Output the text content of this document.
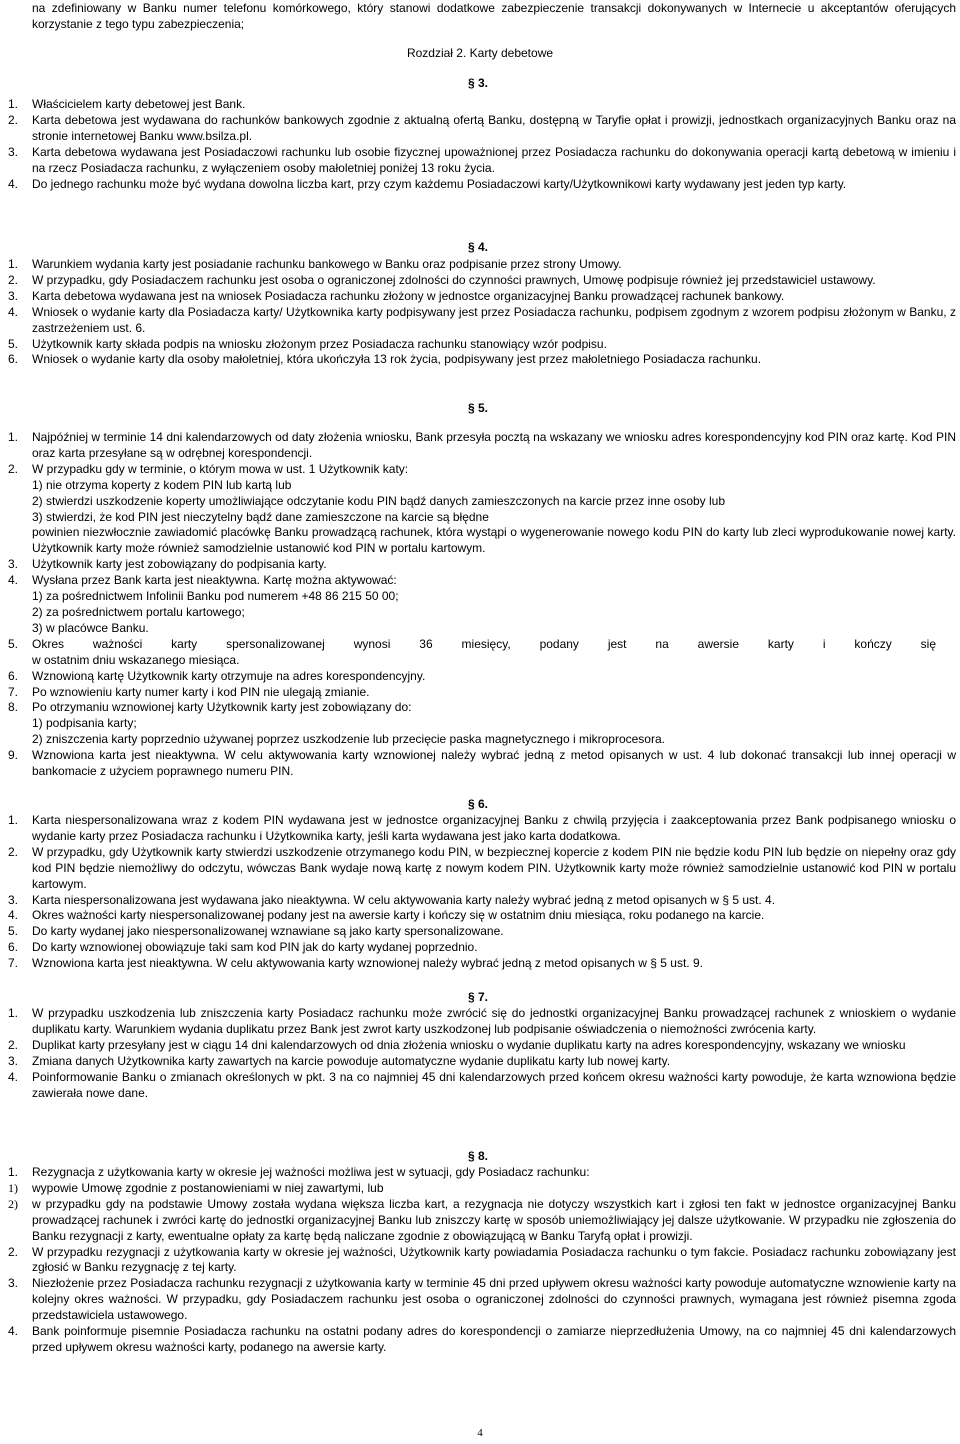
na zdefiniowany w Banku numer telefonu komórkowego, który stanowi dodatkowe zabezpieczenie transakcji dokonywanych w Internecie u akceptantów oferujących korzystanie z tego typu zabezpieczenia;

Rozdział 2. Karty debetowe
§ 3.
1.	Właścicielem karty debetowej jest Bank.
2.	Karta debetowa jest wydawana do rachunków bankowych zgodnie z aktualną ofertą Banku, dostępną w Taryfie opłat i prowizji, jednostkach organizacyjnych Banku oraz na stronie internetowej Banku www.bsilza.pl.
3.	Karta debetowa wydawana jest Posiadaczowi rachunku lub osobie fizycznej upoważnionej przez Posiadacza rachunku do dokonywania operacji kartą debetową w imieniu i na rzecz Posiadacza rachunku, z wyłączeniem osoby małoletniej poniżej 13 roku życia.
4.	Do jednego rachunku może być wydana dowolna liczba kart, przy czym każdemu Posiadaczowi karty/Użytkownikowi karty wydawany jest jeden typ karty.
§ 4.
1.	Warunkiem wydania karty jest posiadanie rachunku bankowego w Banku oraz podpisanie przez strony Umowy.
2.	W przypadku, gdy Posiadaczem rachunku jest osoba o ograniczonej zdolności do czynności prawnych, Umowę podpisuje również jej przedstawiciel ustawowy.
3.	Karta debetowa wydawana jest na wniosek Posiadacza rachunku złożony w jednostce organizacyjnej Banku prowadzącej rachunek bankowy.
4.	Wniosek o wydanie karty dla Posiadacza karty/ Użytkownika karty podpisywany jest przez Posiadacza rachunku, podpisem zgodnym z wzorem podpisu złożonym w Banku, z zastrzeżeniem ust. 6.
5.	Użytkownik karty składa podpis na wniosku złożonym przez Posiadacza rachunku stanowiący wzór podpisu.
6.	Wniosek o wydanie karty dla osoby małoletniej, która ukończyła 13 rok życia, podpisywany jest przez małoletniego Posiadacza rachunku.
§ 5.
1.	Najpóźniej w terminie 14 dni kalendarzowych od daty złożenia wniosku, Bank przesyła pocztą na wskazany we wniosku adres korespondencyjny kod PIN oraz kartę. Kod PIN oraz karta przesyłane są w odrębnej korespondencji.
2.	W przypadku gdy w terminie, o którym mowa w ust. 1 Użytkownik katy:
1) nie otrzyma koperty z kodem PIN lub kartą lub
2) stwierdzi uszkodzenie koperty umożliwiające odczytanie kodu PIN bądź danych zamieszczonych na karcie przez inne osoby lub
3) stwierdzi, że kod PIN jest nieczytelny bądź dane zamieszczone na karcie są błędne
powinien niezwłocznie zawiadomić placówkę Banku prowadzącą rachunek, która wystąpi o wygenerowanie nowego kodu PIN do karty lub zleci wyprodukowanie nowej karty. Użytkownik karty może również samodzielnie ustanowić kod PIN w portalu kartowym.
3.	Użytkownik karty jest zobowiązany do podpisania karty.
4.	Wysłana przez Bank karta jest nieaktywna. Kartę można aktywować:
1) za pośrednictwem Infolinii Banku pod numerem +48 86 215 50 00;
2) za pośrednictwem portalu kartowego;
3) w placówce Banku.
5.	Okres ważności karty spersonalizowanej wynosi 36 miesięcy, podany jest na awersie karty i kończy się
w ostatnim dniu wskazanego miesiąca.
6.	Wznowioną kartę Użytkownik karty otrzymuje na adres korespondencyjny.
7.	Po wznowieniu karty numer karty i kod PIN nie ulegają zmianie.
8.	Po otrzymaniu wznowionej karty Użytkownik karty jest zobowiązany do:
1) podpisania karty;
2) zniszczenia karty poprzednio używanej poprzez uszkodzenie lub przecięcie paska magnetycznego i mikroprocesora.
9.	Wznowiona karta jest nieaktywna. W celu aktywowania karty wznowionej należy wybrać jedną z metod opisanych w ust. 4 lub dokonać transakcji lub innej operacji w bankomacie z użyciem poprawnego numeru PIN.
§ 6.
1.	Karta niespersonalizowana wraz z kodem PIN wydawana jest w jednostce organizacyjnej Banku z chwilą przyjęcia i zaakceptowania przez Bank podpisanego wniosku o wydanie karty przez Posiadacza rachunku i Użytkownika karty, jeśli karta wydawana jest jako karta dodatkowa.
2.	W przypadku, gdy Użytkownik karty stwierdzi uszkodzenie otrzymanego kodu PIN, w bezpiecznej kopercie z kodem PIN nie będzie kodu PIN lub będzie on niepełny oraz gdy kod PIN będzie niemożliwy do odczytu, wówczas Bank wydaje nową kartę z nowym kodem PIN. Użytkownik karty może również samodzielnie ustanowić kod PIN w portalu kartowym.
3.	Karta niespersonalizowana jest wydawana jako nieaktywna. W celu aktywowania karty należy wybrać jedną z metod opisanych w § 5 ust. 4.
4.	Okres ważności karty niespersonalizowanej podany jest na awersie karty i kończy się w ostatnim dniu miesiąca, roku podanego na karcie.
5.	Do karty wydanej jako niespersonalizowanej wznawiane są jako karty spersonalizowane.
6.	Do karty wznowionej obowiązuje taki sam kod PIN jak do karty wydanej poprzednio.
7.	Wznowiona karta jest nieaktywna. W celu aktywowania karty wznowionej należy wybrać jedną z metod opisanych w § 5 ust. 9.
§ 7.
1.	W przypadku uszkodzenia lub zniszczenia karty Posiadacz rachunku może zwrócić się do jednostki organizacyjnej Banku prowadzącej rachunek z wnioskiem o wydanie duplikatu karty. Warunkiem wydania duplikatu przez Bank jest zwrot karty uszkodzonej lub podpisanie oświadczenia o niemożności zwrócenia karty.
2.	Duplikat karty przesyłany jest w ciągu 14 dni kalendarzowych od dnia złożenia wniosku o wydanie duplikatu karty na adres korespondencyjny, wskazany we wniosku
3.	Zmiana danych Użytkownika karty zawartych na karcie powoduje automatyczne wydanie duplikatu karty lub nowej karty.
4.	Poinformowanie Banku o zmianach określonych w pkt. 3 na co najmniej 45 dni kalendarzowych przed końcem okresu ważności karty powoduje, że karta wznowiona będzie zawierała nowe dane.
§ 8.
1.	Rezygnacja z użytkowania karty w okresie jej ważności możliwa jest w sytuacji, gdy Posiadacz rachunku:
1)	wypowie Umowę zgodnie z postanowieniami w niej zawartymi, lub
2)	w przypadku gdy na podstawie Umowy została wydana większa liczba kart, a rezygnacja nie dotyczy wszystkich kart i zgłosi ten fakt w jednostce organizacyjnej Banku prowadzącej rachunek i zwróci kartę do jednostki organizacyjnej Banku lub zniszczy kartę w sposób uniemożliwiający jej dalsze użytkowanie. W przypadku nie zgłoszenia do Banku rezygnacji z karty, ewentualne opłaty za kartę będą naliczane zgodnie z obowiązującą w Banku Taryfą opłat i prowizji.
2.	W przypadku rezygnacji z użytkowania karty w okresie jej ważności, Użytkownik karty powiadamia Posiadacza rachunku o tym fakcie. Posiadacz rachunku zobowiązany jest zgłosić w Banku rezygnację z tej karty.
3.	Niezłożenie przez Posiadacza rachunku rezygnacji z użytkowania karty w terminie 45 dni przed upływem okresu ważności karty powoduje automatyczne wznowienie karty na kolejny okres ważności. W przypadku, gdy Posiadaczem rachunku jest osoba o ograniczonej zdolności do czynności prawnych, wymagana jest również pisemna zgoda przedstawiciela ustawowego.
4.	Bank poinformuje pisemnie Posiadacza rachunku na ostatni podany adres do korespondencji o zamiarze nieprzedłużenia Umowy, na co najmniej 45 dni kalendarzowych przed upływem okresu ważności karty, podanego na awersie karty.
4
